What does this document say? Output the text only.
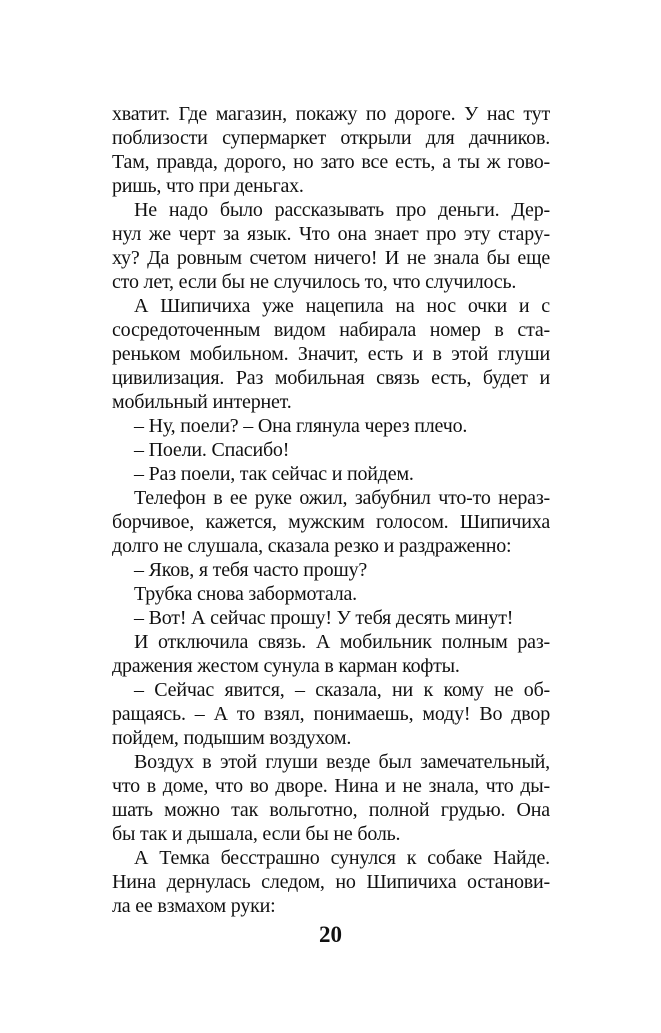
хватит. Где магазин, покажу по дороге. У нас тут
поблизости супермаркет открыли для дачников.
Там, правда, дорого, но зато все есть, а ты ж гово-
ришь, что при деньгах.
Не надо было рассказывать про деньги. Дер-
нул же черт за язык. Что она знает про эту стару-
ху? Да ровным счетом ничего! И не знала бы еще
сто лет, если бы не случилось то, что случилось.
А Шипичиха уже нацепила на нос очки и с
сосредоточенным видом набирала номер в ста-
реньком мобильном. Значит, есть и в этой глуши
цивилизация. Раз мобильная связь есть, будет и
мобильный интернет.
– Ну, поели? – Она глянула через плечо.
– Поели. Спасибо!
– Раз поели, так сейчас и пойдем.
Телефон в ее руке ожил, забубнил что-то нераз-
борчивое, кажется, мужским голосом. Шипичиха
долго не слушала, сказала резко и раздраженно:
– Яков, я тебя часто прошу?
Трубка снова забормотала.
– Вот! А сейчас прошу! У тебя десять минут!
И отключила связь. А мобильник полным раз-
дражения жестом сунула в карман кофты.
– Сейчас явится, – сказала, ни к кому не об-
ращаясь. – А то взял, понимаешь, моду! Во двор
пойдем, подышим воздухом.
Воздух в этой глуши везде был замечательный,
что в доме, что во дворе. Нина и не знала, что ды-
шать можно так вольготно, полной грудью. Она
бы так и дышала, если бы не боль.
А Темка бесстрашно сунулся к собаке Найде.
Нина дернулась следом, но Шипичиха останови-
ла ее взмахом руки:
20
